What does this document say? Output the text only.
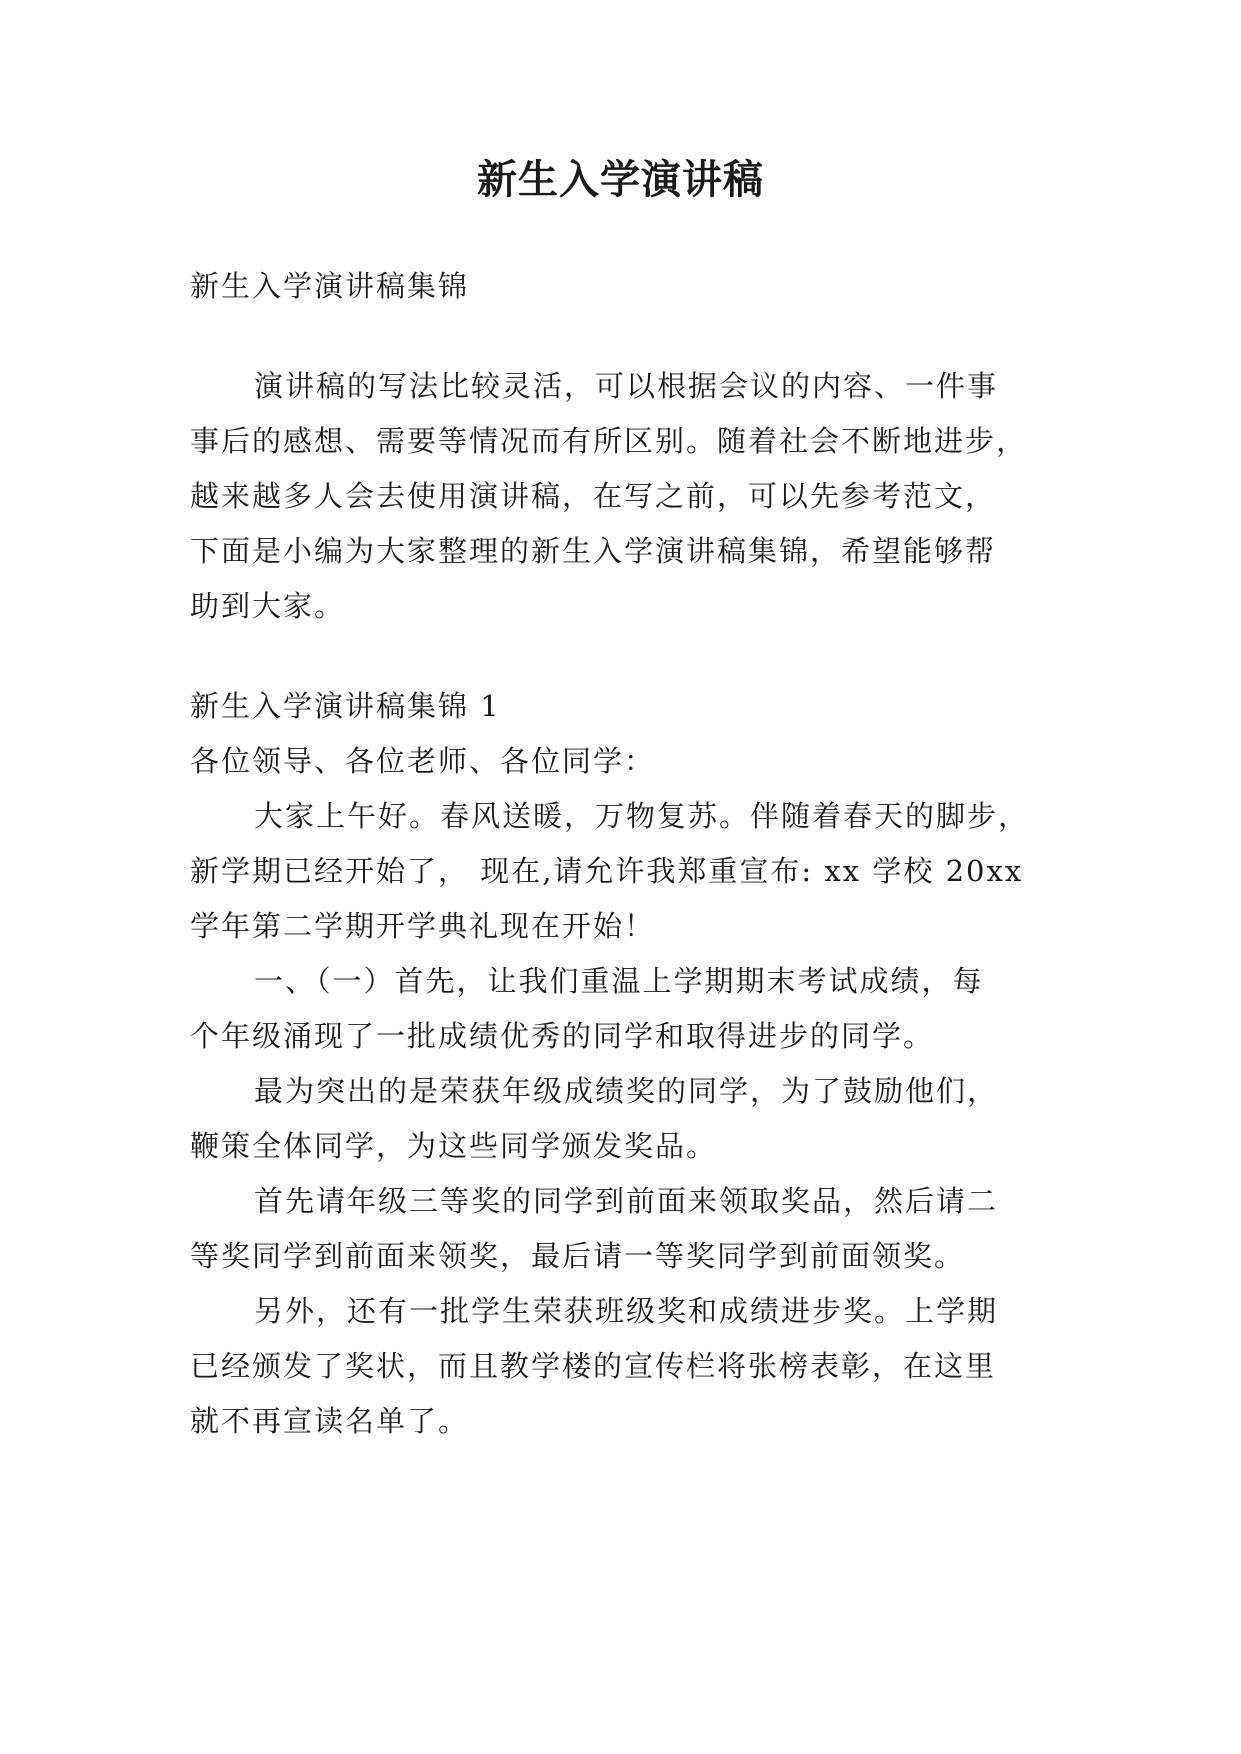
新生入学演讲稿

新生入学演讲稿集锦

演讲稿的写法比较灵活，可以根据会议的内容、一件事

事后的感想、需要等情况而有所区别。随着社会不断地进步，

越来越多人会去使用演讲稿，在写之前，可以先参考范文，

下面是小编为大家整理的新生入学演讲稿集锦，希望能够帮

助到大家。

新生入学演讲稿集锦 1

各位领导、各位老师、各位同学：

大家上午好。春风送暖，万物复苏。伴随着春天的脚步，

新学期已经开始了， 现在,请允许我郑重宣布: xx 学校 20xx

学年第二学期开学典礼现在开始！

一、（一）首先，让我们重温上学期期末考试成绩，每

个年级涌现了一批成绩优秀的同学和取得进步的同学。

最为突出的是荣获年级成绩奖的同学，为了鼓励他们，

鞭策全体同学，为这些同学颁发奖品。

首先请年级三等奖的同学到前面来领取奖品，然后请二

等奖同学到前面来领奖，最后请一等奖同学到前面领奖。

另外，还有一批学生荣获班级奖和成绩进步奖。上学期

已经颁发了奖状，而且教学楼的宣传栏将张榜表彰，在这里

就不再宣读名单了。
